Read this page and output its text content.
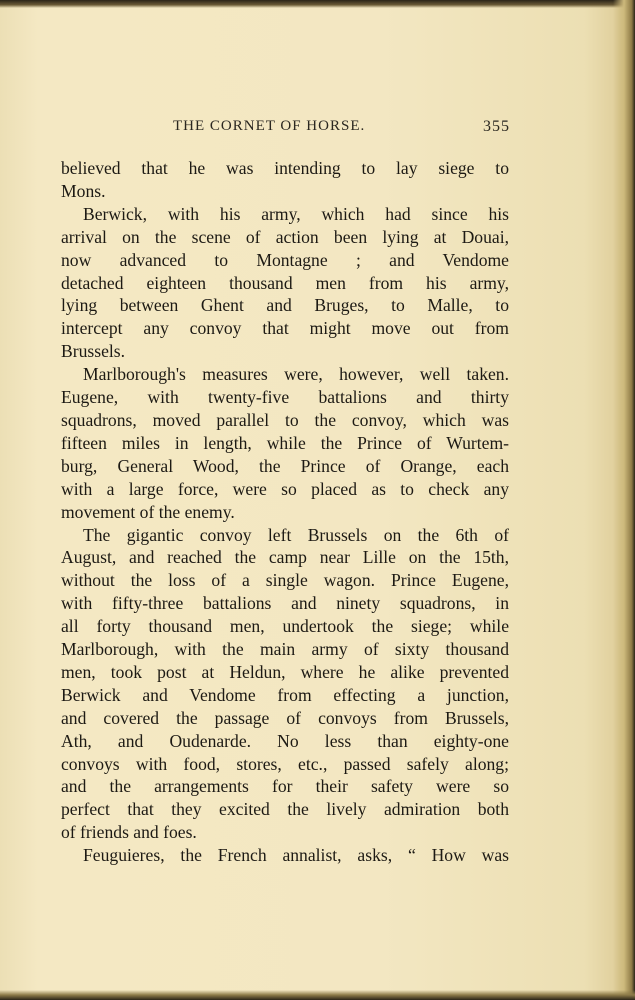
THE CORNET OF HORSE.	355

believed that he was intending to lay siege to
Mons.

Berwick, with his army, which had since his
arrival on the scene of action been lying at Douai,
now advanced to Montagne ; and Vendome
detached eighteen thousand men from his army,
lying between Ghent and Bruges, to Malle, to
intercept any convoy that might move out from
Brussels.

Marlborough's measures were, however, well taken.
Eugene, with twenty-five battalions and thirty
squadrons, moved parallel to the convoy, which was
fifteen miles in length, while the Prince of Wurtem-
burg, General Wood, the Prince of Orange, each
with a large force, were so placed as to check any
movement of the enemy.

The gigantic convoy left Brussels on the 6th of
August, and reached the camp near Lille on the 15th,
without the loss of a single wagon. Prince Eugene,
with fifty-three battalions and ninety squadrons, in
all forty thousand men, undertook the siege; while
Marlborough, with the main army of sixty thousand
men, took post at Heldun, where he alike prevented
Berwick and Vendome from effecting a junction,
and covered the passage of convoys from Brussels,
Ath, and Oudenarde. No less than eighty-one
convoys with food, stores, etc., passed safely along;
and the arrangements for their safety were so
perfect that they excited the lively admiration both
of friends and foes.

Feuguieres, the French annalist, asks, “ How was
